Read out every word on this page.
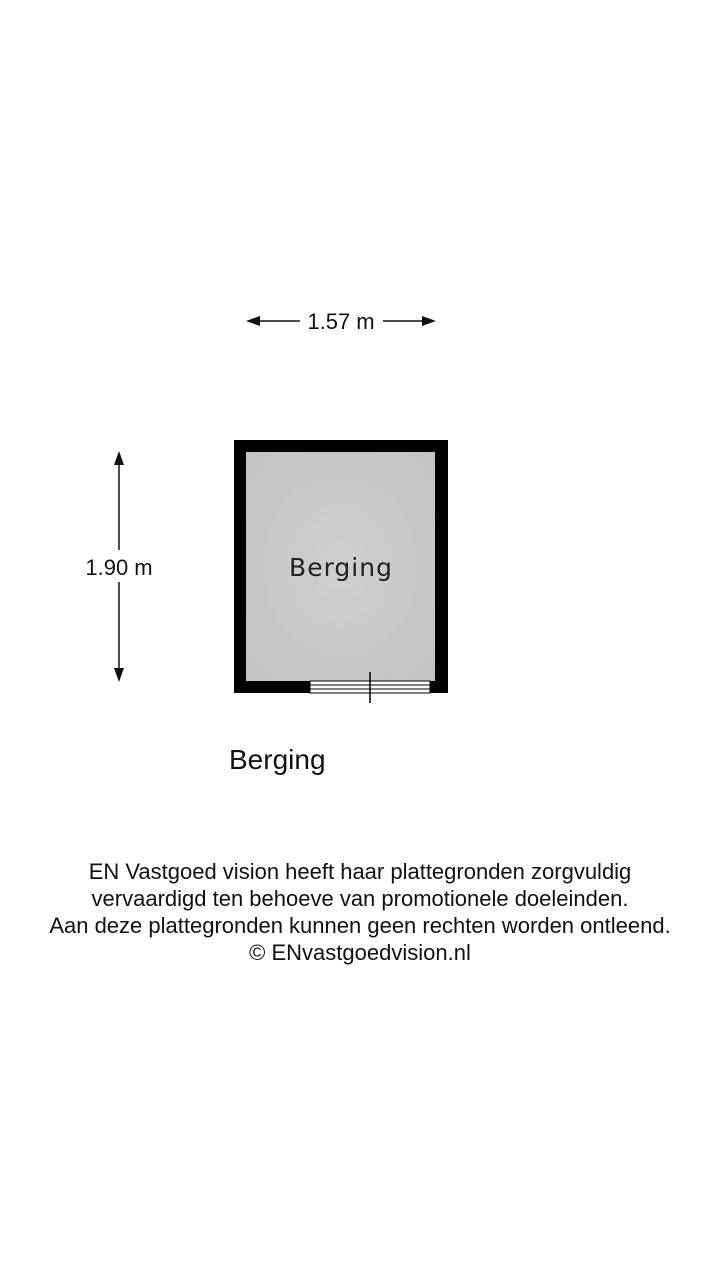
1.57 m
1.90 m	Berging
Berging
EN Vastgoed vision heeft haar plattegronden zorgvuldig
vervaardigd ten behoeve van promotionele doeleinden.
Aan deze plattegronden kunnen geen rechten worden ontleend.
© ENvastgoedvision.nl
